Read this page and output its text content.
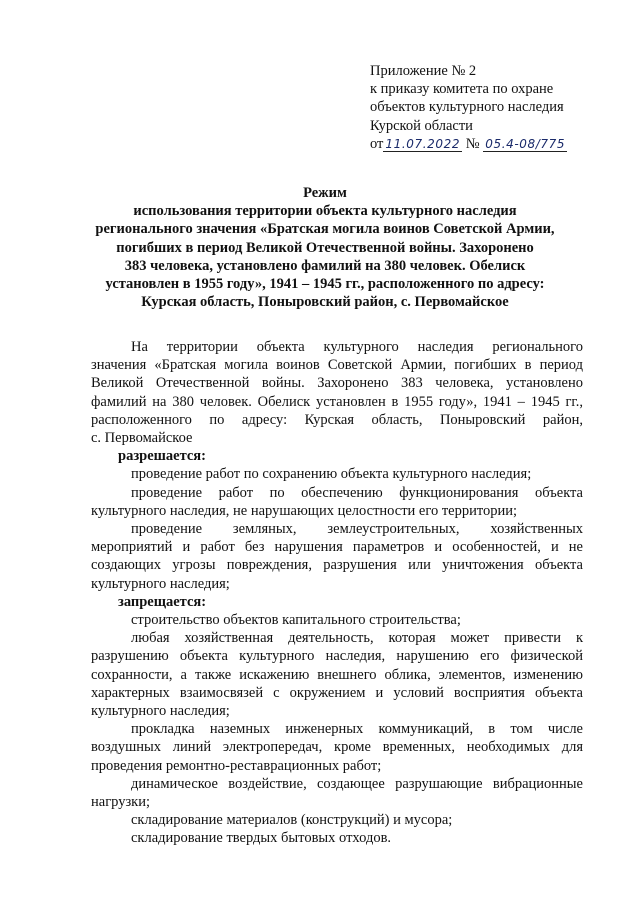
Приложение № 2
к приказу комитета по охране
объектов культурного наследия
Курской области
от 11.07.2022 № 05.4-08/775
Режим
использования территории объекта культурного наследия
регионального значения «Братская могила воинов Советской Армии,
погибших в период Великой Отечественной войны. Захоронено
383 человека, установлено фамилий на 380 человек. Обелиск
установлен в 1955 году», 1941 – 1945 гг., расположенного по адресу:
Курская область, Поныровский район, с. Первомайское
На территории объекта культурного наследия регионального
значения «Братская могила воинов Советской Армии, погибших в период
Великой Отечественной войны. Захоронено 383 человека, установлено
фамилий на 380 человек. Обелиск установлен в 1955 году», 1941 – 1945 гг.,
расположенного по адресу: Курская область, Поныровский район,
с. Первомайское
разрешается:
проведение работ по сохранению объекта культурного наследия;
проведение работ по обеспечению функционирования объекта
культурного наследия, не нарушающих целостности его территории;
проведение земляных, землеустроительных, хозяйственных
мероприятий и работ без нарушения параметров и особенностей, и не
создающих угрозы повреждения, разрушения или уничтожения объекта
культурного наследия;
запрещается:
строительство объектов капитального строительства;
любая хозяйственная деятельность, которая может привести к
разрушению объекта культурного наследия, нарушению его физической
сохранности, а также искажению внешнего облика, элементов, изменению
характерных взаимосвязей с окружением и условий восприятия объекта
культурного наследия;
прокладка наземных инженерных коммуникаций, в том числе
воздушных линий электропередач, кроме временных, необходимых для
проведения ремонтно-реставрационных работ;
динамическое воздействие, создающее разрушающие вибрационные
нагрузки;
складирование материалов (конструкций) и мусора;
складирование твердых бытовых отходов.
